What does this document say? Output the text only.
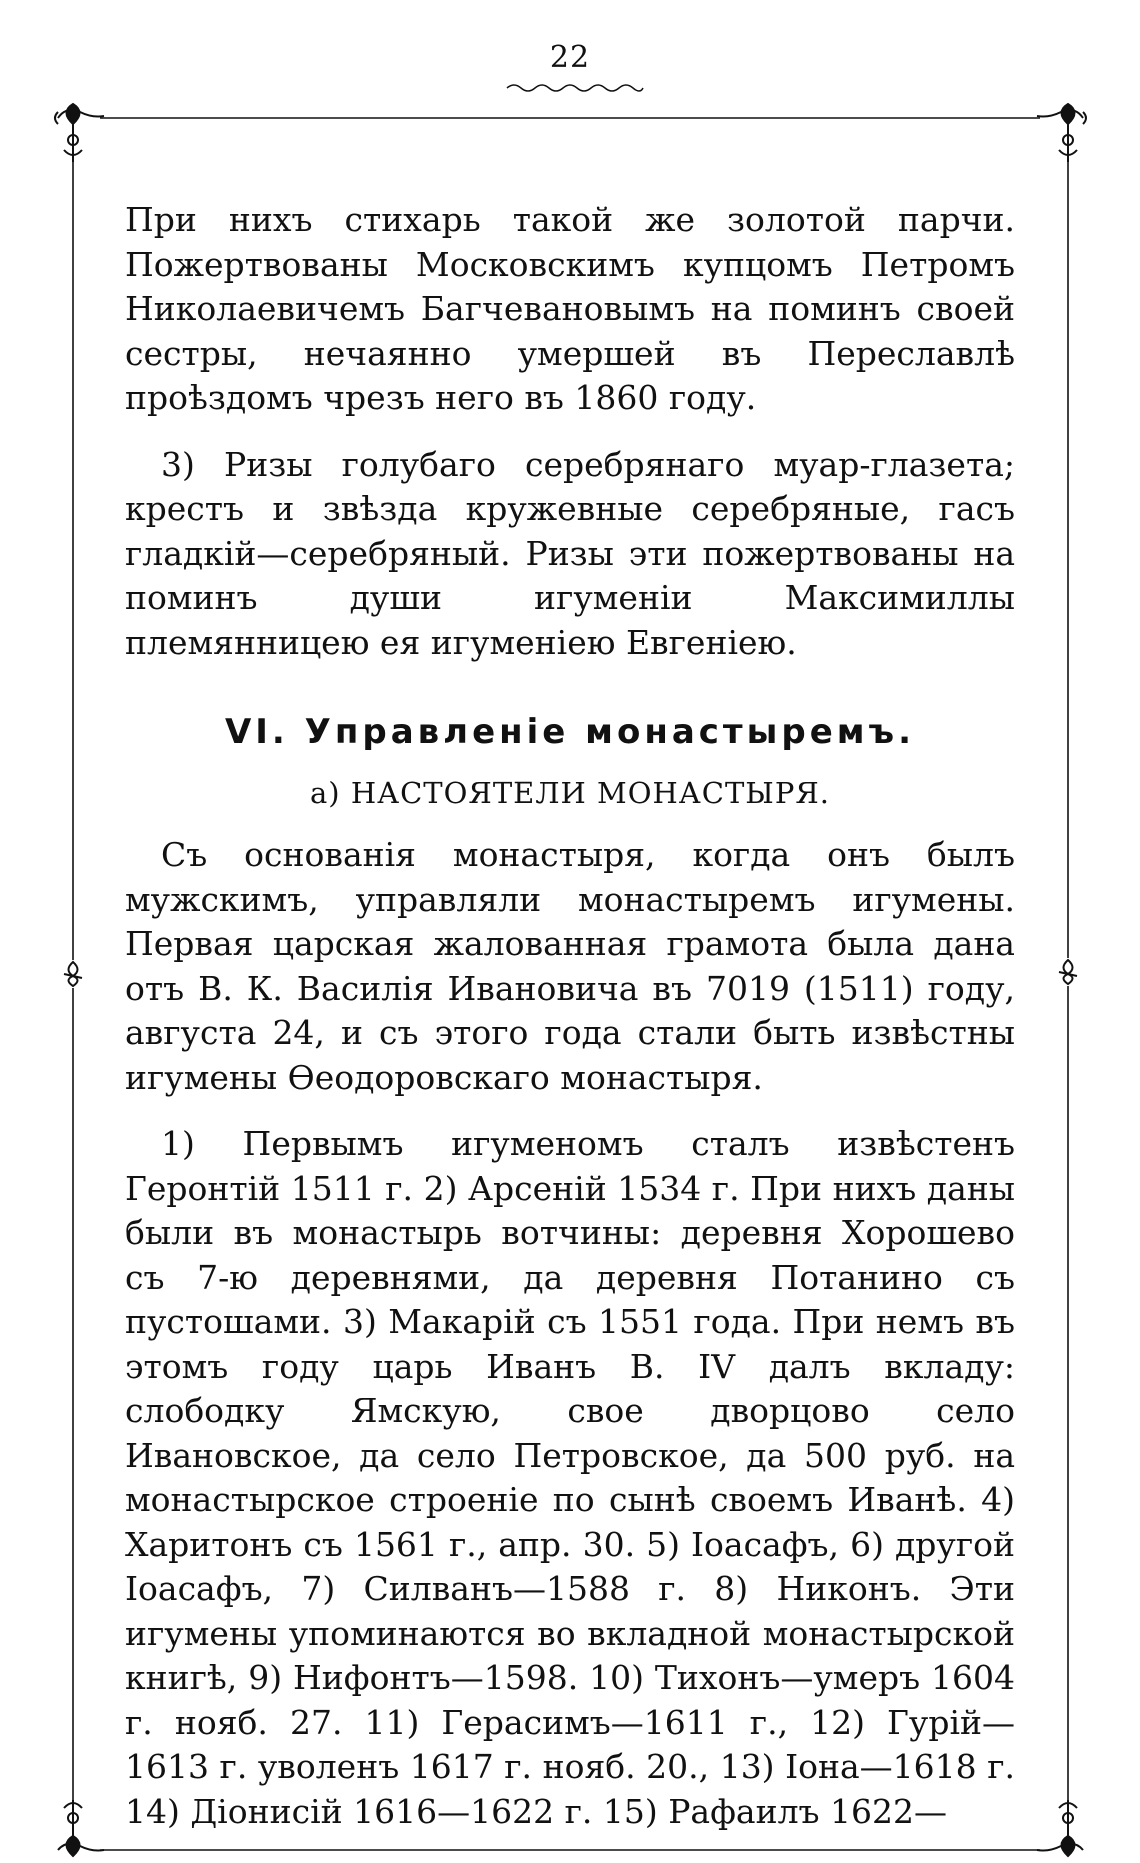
22

При нихъ стихарь такой же золотой парчи. Пожертвованы Московскимъ купцомъ Петромъ Николаевичемъ Багчевановымъ на поминъ своей сестры, нечаянно умершей въ Переславлѣ проѣздомъ чрезъ него въ 1860 году.

3) Ризы голубаго серебрянаго муар-глазета; крестъ и звѣзда кружевные серебряные, гасъ гладкій—серебряный. Ризы эти пожертвованы на поминъ души игуменіи Максимиллы племянницею ея игуменіею Евгеніею.

VI. Управленіе монастыремъ.
а) НАСТОЯТЕЛИ МОНАСТЫРЯ.

Съ основанія монастыря, когда онъ былъ мужскимъ, управляли монастыремъ игумены. Первая царская жалованная грамота была дана отъ В. К. Василія Ивановича въ 7019 (1511) году, августа 24, и съ этого года стали быть извѣстны игумены Ѳеодоровскаго монастыря.

1) Первымъ игуменомъ сталъ извѣстенъ Геронтій 1511 г. 2) Арсеній 1534 г. При нихъ даны были въ монастырь вотчины: деревня Хорошево съ 7-ю деревнями, да деревня Потанино съ пустошами. 3) Макарій съ 1551 года. При немъ въ этомъ году царь Иванъ В. IV далъ вкладу: слободку Ямскую, свое дворцово село Ивановское, да село Петровское, да 500 руб. на монастырское строеніе по сынѣ своемъ Иванѣ. 4) Харитонъ съ 1561 г., апр. 30. 5) Іоасафъ, 6) другой Іоасафъ, 7) Силванъ—1588 г. 8) Никонъ. Эти игумены упоминаются во вкладной монастырской книгѣ, 9) Нифонтъ—1598. 10) Тихонъ—умеръ 1604 г. нояб. 27. 11) Герасимъ—1611 г., 12) Гурій—1613 г. уволенъ 1617 г. нояб. 20., 13) Іона—1618 г. 14) Діонисій 1616—1622 г. 15) Рафаилъ 1622—
